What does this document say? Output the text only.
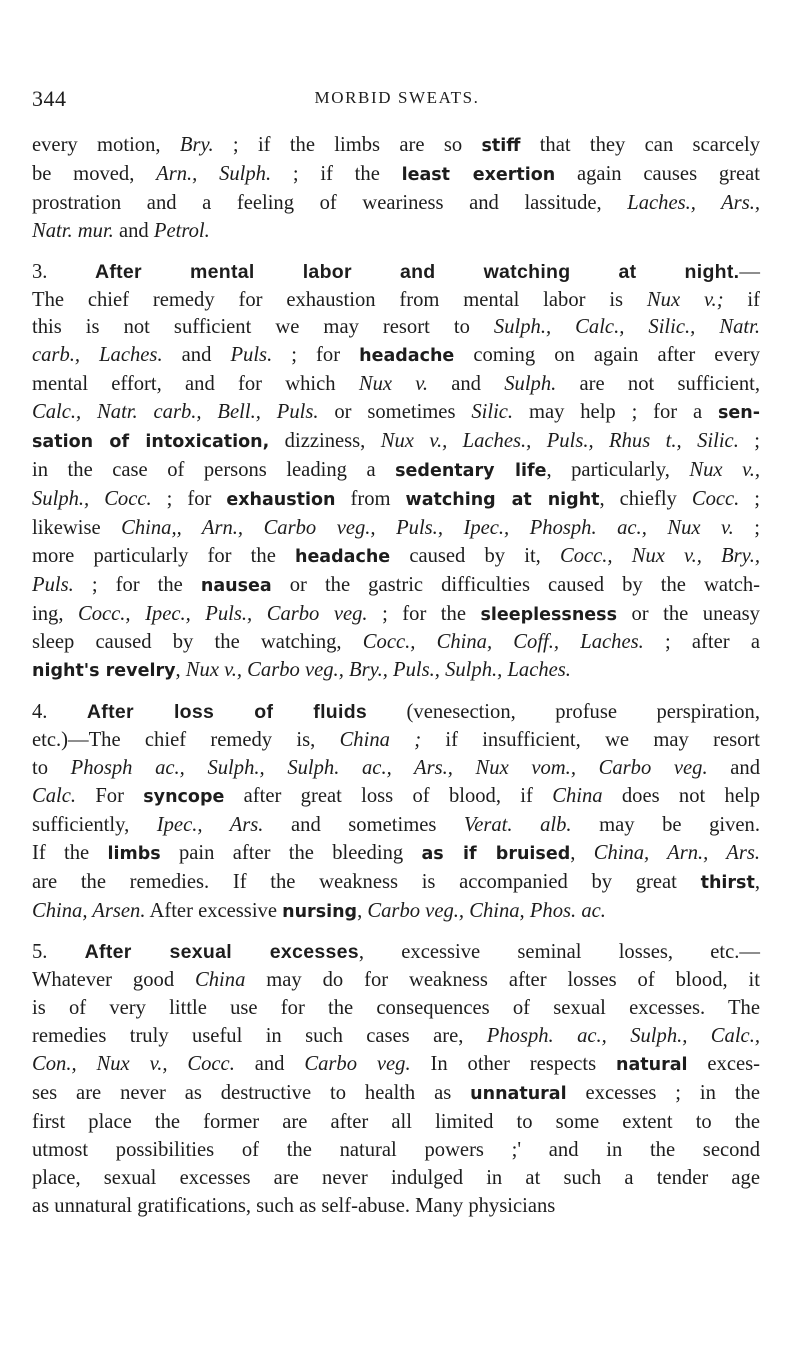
344	MORBID SWEATS.
every motion, Bry. ; if the limbs are so stiff that they can scarcely
be moved, Arn., Sulph. ; if the least exertion again causes great
prostration and a feeling of weariness and lassitude, Laches., Ars.,
Natr. mur. and Petrol.
3. After mental labor and watching at night.—
The chief remedy for exhaustion from mental labor is Nux v.; if
this is not sufficient we may resort to Sulph., Calc., Silic., Natr.
carb., Laches. and Puls. ; for headache coming on again after every
mental effort, and for which Nux v. and Sulph. are not sufficient,
Calc., Natr. carb., Bell., Puls. or sometimes Silic. may help ; for a sen-
sation of intoxication, dizziness, Nux v., Laches., Puls., Rhus t., Silic. ;
in the case of persons leading a sedentary life, particularly, Nux v.,
Sulph., Cocc. ; for exhaustion from watching at night, chiefly Cocc. ;
likewise China,, Arn., Carbo veg., Puls., Ipec., Phosph. ac., Nux v. ;
more particularly for the headache caused by it, Cocc., Nux v., Bry.,
Puls. ; for the nausea or the gastric difficulties caused by the watch-
ing, Cocc., Ipec., Puls., Carbo veg. ; for the sleeplessness or the uneasy
sleep caused by the watching, Cocc., China, Coff., Laches. ; after a
night's revelry, Nux v., Carbo veg., Bry., Puls., Sulph., Laches.
4. After loss of fluids (venesection, profuse perspiration,
etc.)—The chief remedy is, China ; if insufficient, we may resort
to Phosph ac., Sulph., Sulph. ac., Ars., Nux vom., Carbo veg. and
Calc. For syncope after great loss of blood, if China does not help
sufficiently, Ipec., Ars. and sometimes Verat. alb. may be given.
If the limbs pain after the bleeding as if bruised, China, Arn., Ars.
are the remedies. If the weakness is accompanied by great thirst,
China, Arsen. After excessive nursing, Carbo veg., China, Phos. ac.
5. After sexual excesses, excessive seminal losses, etc.—
Whatever good China may do for weakness after losses of blood, it
is of very little use for the consequences of sexual excesses. The
remedies truly useful in such cases are, Phosph. ac., Sulph., Calc.,
Con., Nux v., Cocc. and Carbo veg. In other respects natural exces-
ses are never as destructive to health as unnatural excesses ; in the
first place the former are after all limited to some extent to the
utmost possibilities of the natural powers ;' and in the second
place, sexual excesses are never indulged in at such a tender age
as unnatural gratifications, such as self-abuse. Many physicians
